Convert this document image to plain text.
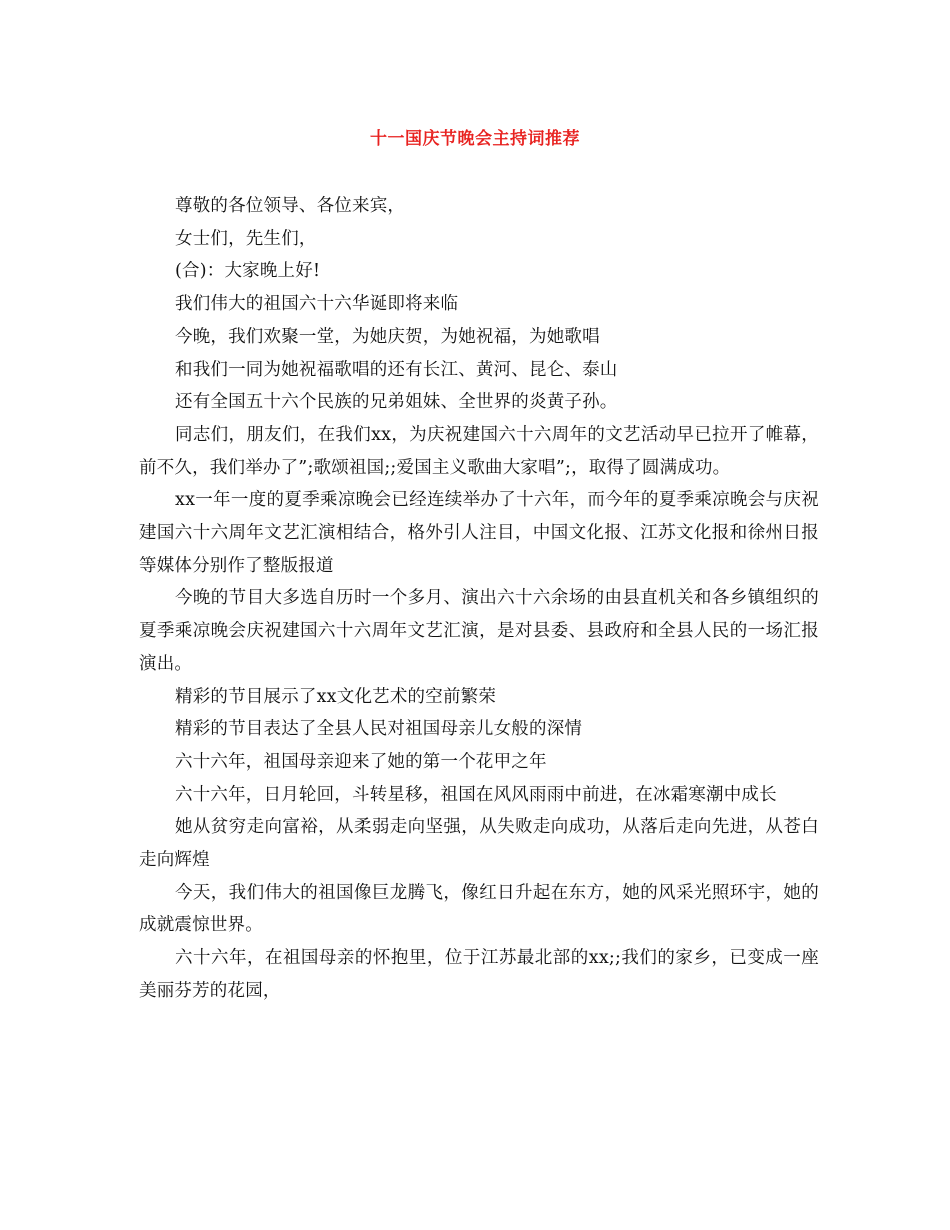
十一国庆节晚会主持词推荐

尊敬的各位领导、各位来宾，

女士们，先生们，

(合)：大家晚上好!

我们伟大的祖国六十六华诞即将来临

今晚，我们欢聚一堂，为她庆贺，为她祝福，为她歌唱

和我们一同为她祝福歌唱的还有长江、黄河、昆仑、泰山

还有全国五十六个民族的兄弟姐妹、全世界的炎黄子孙。

同志们，朋友们，在我们xx，为庆祝建国六十六周年的文艺活动早已拉开了帷幕，前不久，我们举办了”;歌颂祖国;;爱国主义歌曲大家唱”;，取得了圆满成功。

xx一年一度的夏季乘凉晚会已经连续举办了十六年，而今年的夏季乘凉晚会与庆祝建国六十六周年文艺汇演相结合，格外引人注目，中国文化报、江苏文化报和徐州日报等媒体分别作了整版报道

今晚的节目大多选自历时一个多月、演出六十六余场的由县直机关和各乡镇组织的夏季乘凉晚会庆祝建国六十六周年文艺汇演，是对县委、县政府和全县人民的一场汇报演出。

精彩的节目展示了xx文化艺术的空前繁荣

精彩的节目表达了全县人民对祖国母亲儿女般的深情

六十六年，祖国母亲迎来了她的第一个花甲之年

六十六年，日月轮回，斗转星移，祖国在风风雨雨中前进，在冰霜寒潮中成长

她从贫穷走向富裕，从柔弱走向坚强，从失败走向成功，从落后走向先进，从苍白走向辉煌

今天，我们伟大的祖国像巨龙腾飞，像红日升起在东方，她的风采光照环宇，她的成就震惊世界。

六十六年，在祖国母亲的怀抱里，位于江苏最北部的xx;;我们的家乡，已变成一座美丽芬芳的花园，
